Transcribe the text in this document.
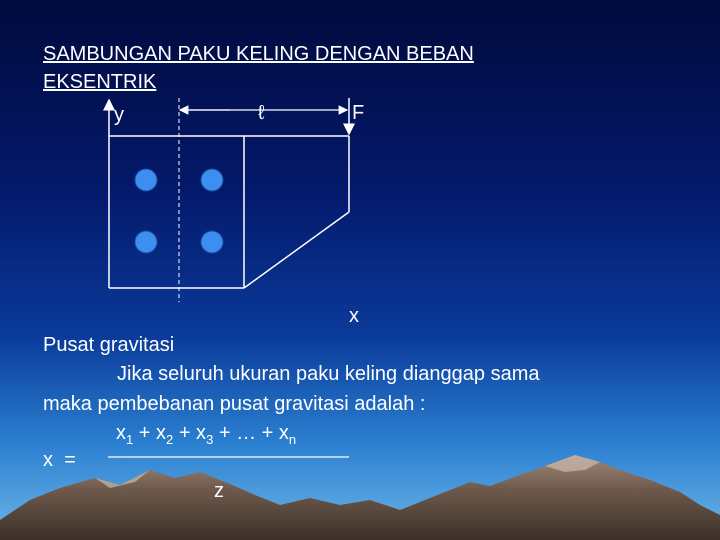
SAMBUNGAN PAKU KELING DENGAN BEBAN
EKSENTRIK
y	ℓ	F
x
Pusat gravitasi
Jika seluruh ukuran paku keling dianggap sama
maka pembebanan pusat gravitasi adalah :
$x_1 + x_2 + x_3$ + … + $x_n$
x  =
z
